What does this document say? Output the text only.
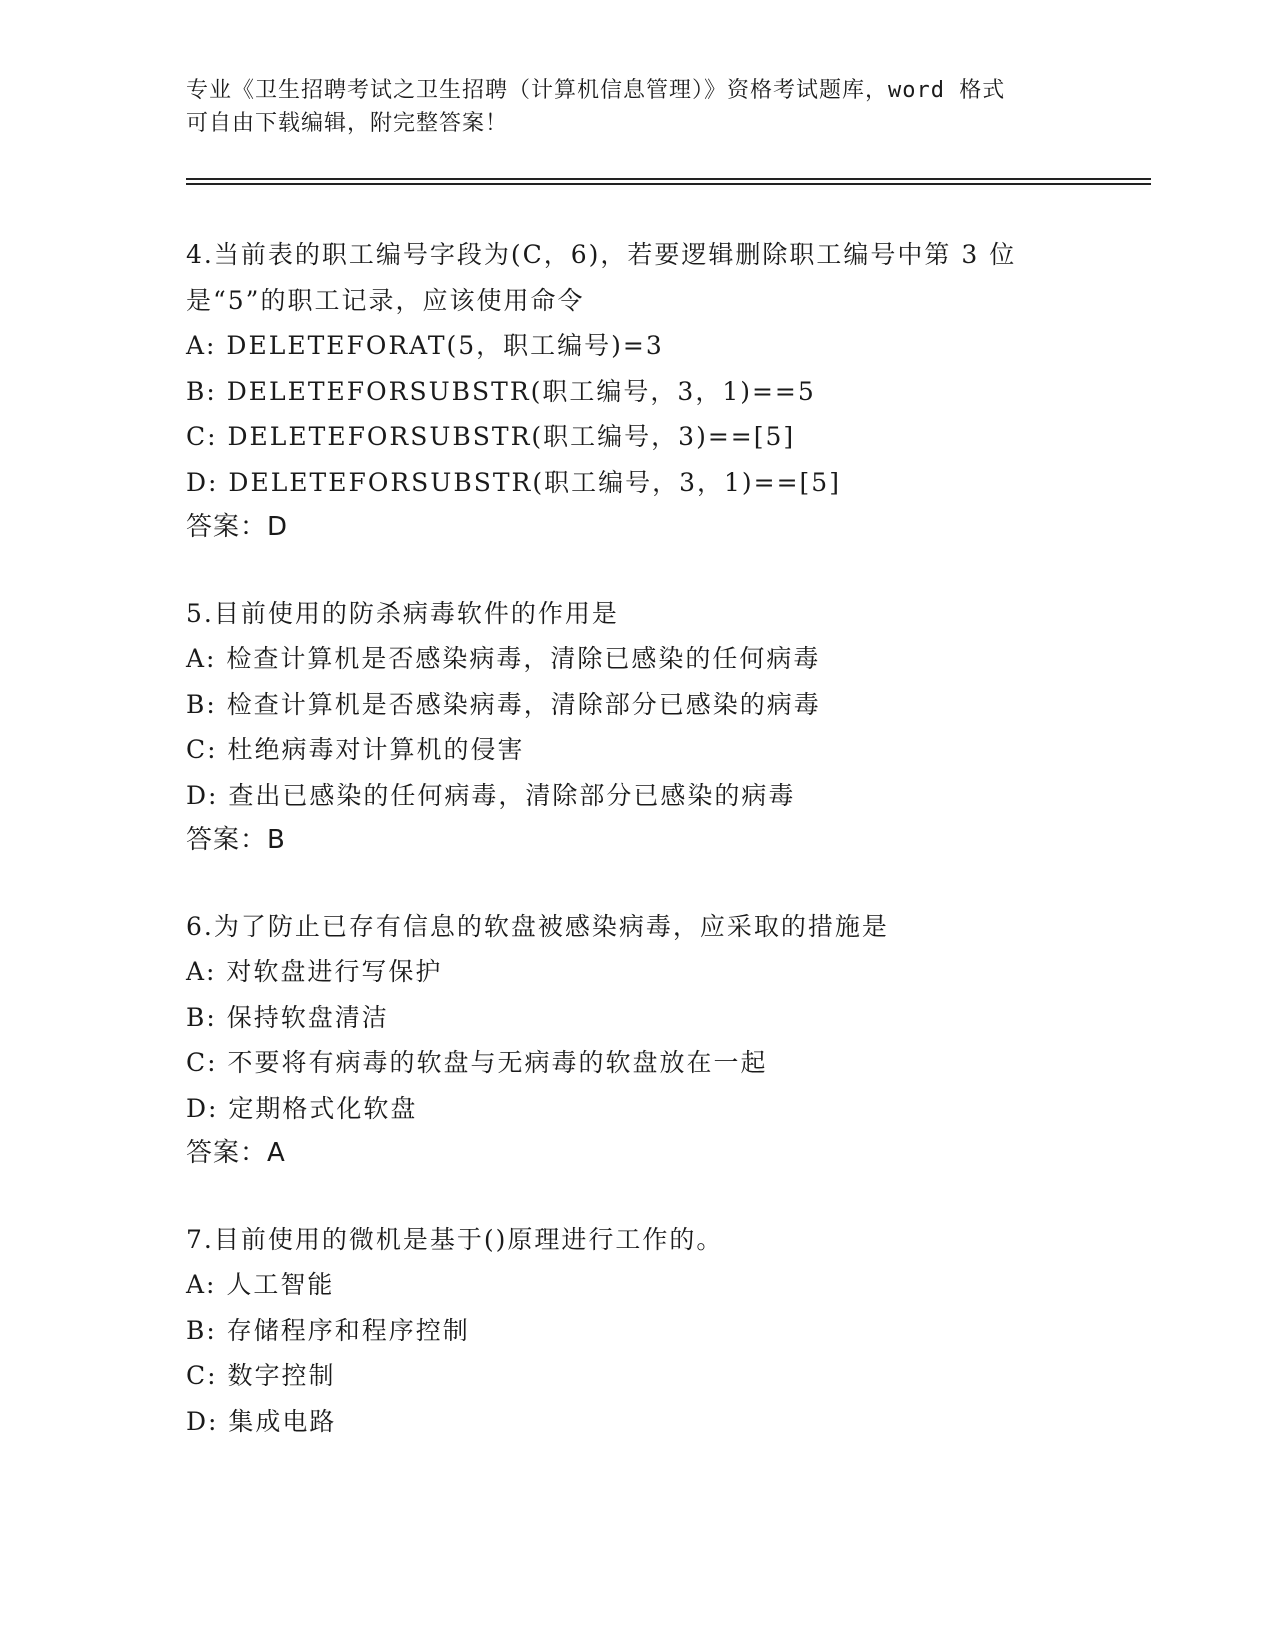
专业《卫生招聘考试之卫生招聘（计算机信息管理）》资格考试题库，word 格式
可自由下载编辑，附完整答案！
4.当前表的职工编号字段为(C，6)，若要逻辑删除职工编号中第 3 位
是“5”的职工记录，应该使用命令
A: DELETEFORAT(5，职工编号)=3
B: DELETEFORSUBSTR(职工编号，3，1)==5
C: DELETEFORSUBSTR(职工编号，3)==[5]
D: DELETEFORSUBSTR(职工编号，3，1)==[5]
答案：D
5.目前使用的防杀病毒软件的作用是
A: 检查计算机是否感染病毒，清除已感染的任何病毒
B: 检查计算机是否感染病毒，清除部分已感染的病毒
C: 杜绝病毒对计算机的侵害
D: 查出已感染的任何病毒，清除部分已感染的病毒
答案：B
6.为了防止已存有信息的软盘被感染病毒，应采取的措施是
A: 对软盘进行写保护
B: 保持软盘清洁
C: 不要将有病毒的软盘与无病毒的软盘放在一起
D: 定期格式化软盘
答案：A
7.目前使用的微机是基于()原理进行工作的。
A: 人工智能
B: 存储程序和程序控制
C: 数字控制
D: 集成电路
